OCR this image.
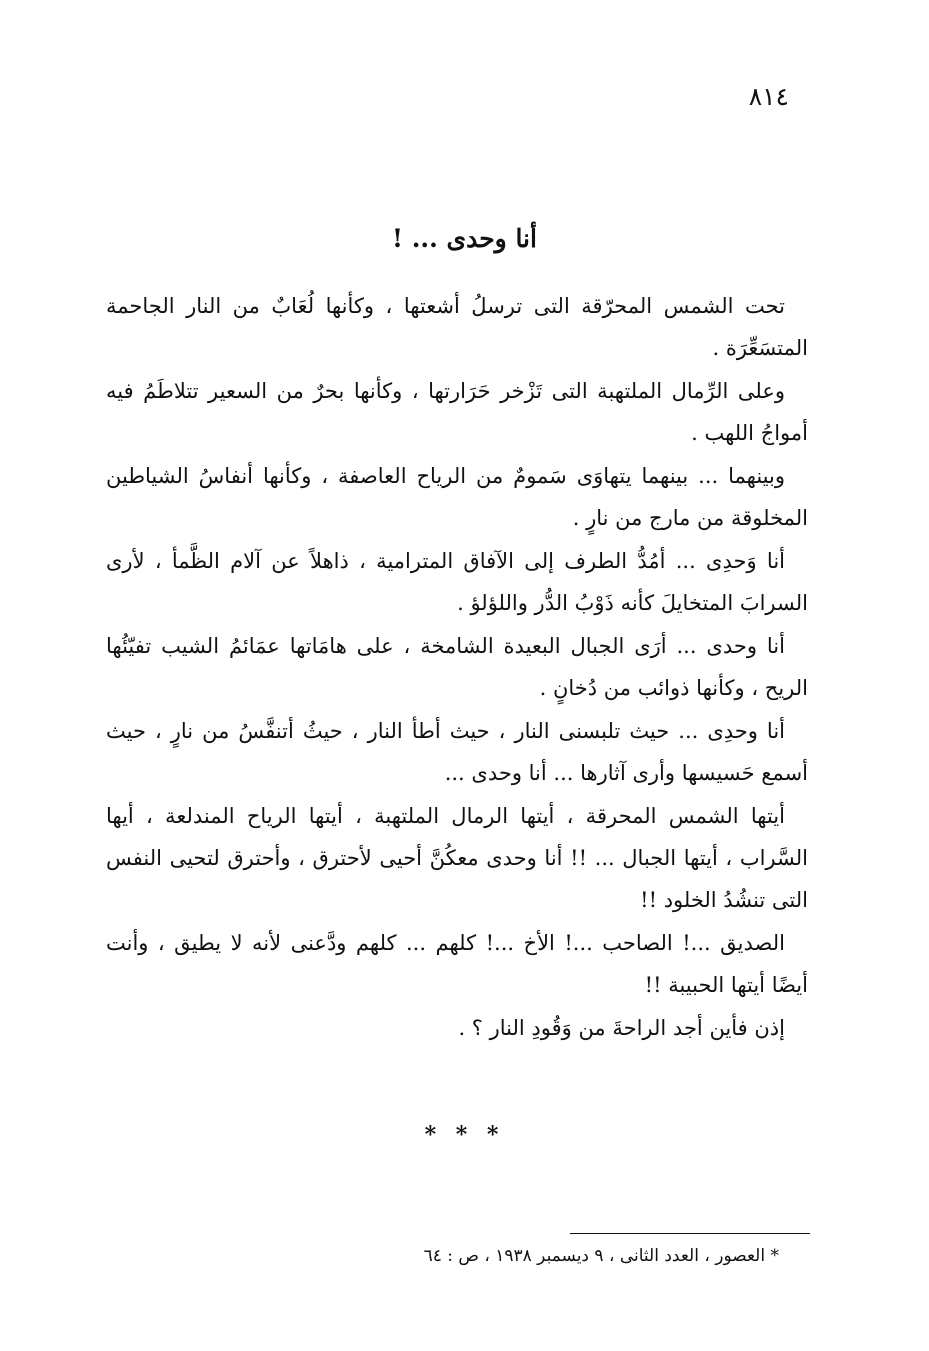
٨١٤
أنا وحدى ... !

تحت الشمس المحرّقة التى ترسلُ أشعتها ، وكأنها لُعَابٌ من النار الجاحمة المتسَعِّرَة .

وعلى الرِّمال الملتهبة التى تَزْخر حَرَارتها ، وكأنها بحرٌ من السعير تتلاطَمُ فيه أمواجُ اللهب .

وبينهما ... بينهما يتهاوَى سَمومٌ من الرياح العاصفة ، وكأنها أنفاسُ الشياطين المخلوقة من مارج من نارٍ .

أنا وَحدِى ... أمُدُّ الطرف إلى الآفاق المترامية ، ذاهلاً عن آلام الظَّمأ ، لأرى السرابَ المتخايلَ كأنه ذَوْبُ الدُّر واللؤلؤ .

أنا وحدى ... أرَى الجبال البعيدة الشامخة ، على هامَاتها عمَائمُ الشيب تفيّئُها الريح ، وكأنها ذوائب من دُخانٍ .

أنا وحدِى ... حيث تلبسنى النار ، حيث أطأ النار ، حيثُ أتنفَّسُ من نارٍ ، حيث أسمع حَسيسها وأرى آثارها ... أنا وحدى ...

أيتها الشمس المحرقة ، أيتها الرمال الملتهبة ، أيتها الرياح المندلعة ، أيها السَّراب ، أيتها الجبال ... !! أنا وحدى معكُنَّ أحيى لأحترق ، وأحترق لتحيى النفس التى تنشُدُ الخلود !!

الصديق ...! الصاحب ...! الأخ ...! كلهم ... كلهم ودَّعنى لأنه لا يطيق ، وأنت أيضًا أيتها الحبيبة !!

إذن فأين أجد الراحةَ من وَقُودِ النار ؟ .

* * *
* العصور ، العدد الثانى ، ٩ ديسمبر ١٩٣٨ ، ص : ٦٤
